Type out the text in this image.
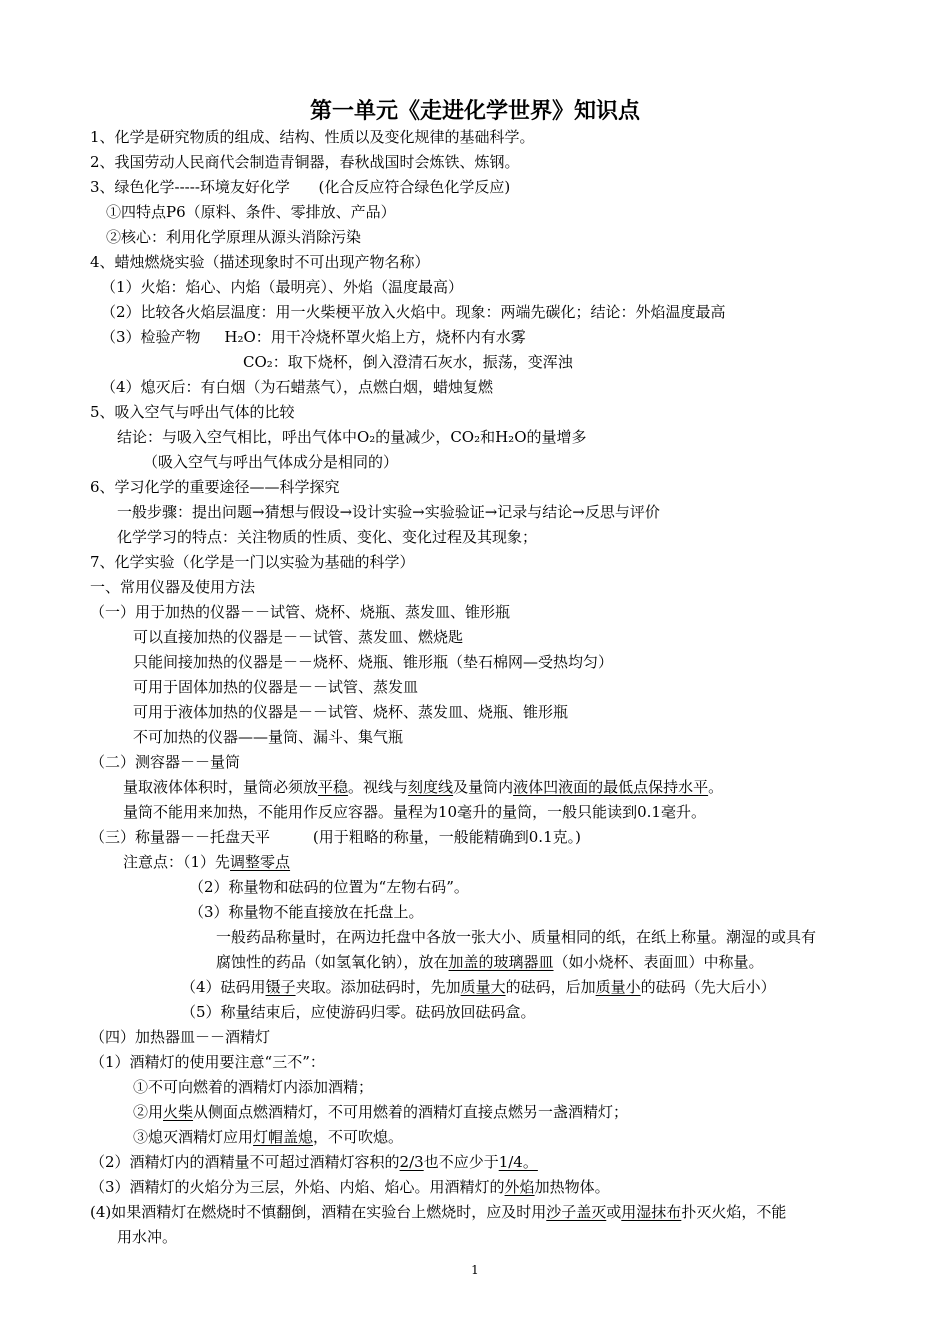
第一单元《走进化学世界》知识点
1、化学是研究物质的组成、结构、性质以及变化规律的基础科学。
2、我国劳动人民商代会制造青铜器，春秋战国时会炼铁、炼钢。
3、绿色化学-----环境友好化学      (化合反应符合绿色化学反应)
①四特点P6（原料、条件、零排放、产品）
②核心：利用化学原理从源头消除污染
4、蜡烛燃烧实验（描述现象时不可出现产物名称）
（1）火焰：焰心、内焰（最明亮）、外焰（温度最高）
（2）比较各火焰层温度：用一火柴梗平放入火焰中。现象：两端先碳化；结论：外焰温度最高
（3）检验产物     H₂O：用干冷烧杯罩火焰上方，烧杯内有水雾
CO₂：取下烧杯，倒入澄清石灰水，振荡，变浑浊
（4）熄灭后：有白烟（为石蜡蒸气），点燃白烟，蜡烛复燃
5、吸入空气与呼出气体的比较
结论：与吸入空气相比，呼出气体中O₂的量减少，CO₂和H₂O的量增多
（吸入空气与呼出气体成分是相同的）
6、学习化学的重要途径——科学探究
一般步骤：提出问题→猜想与假设→设计实验→实验验证→记录与结论→反思与评价
化学学习的特点：关注物质的性质、变化、变化过程及其现象；
7、化学实验（化学是一门以实验为基础的科学）
一、常用仪器及使用方法
（一）用于加热的仪器－－试管、烧杯、烧瓶、蒸发皿、锥形瓶
可以直接加热的仪器是－－试管、蒸发皿、燃烧匙
只能间接加热的仪器是－－烧杯、烧瓶、锥形瓶（垫石棉网—受热均匀）
可用于固体加热的仪器是－－试管、蒸发皿
可用于液体加热的仪器是－－试管、烧杯、蒸发皿、烧瓶、锥形瓶
不可加热的仪器——量筒、漏斗、集气瓶
（二）测容器－－量筒
量取液体体积时，量筒必须放平稳。视线与刻度线及量筒内液体凹液面的最低点保持水平。
量筒不能用来加热，不能用作反应容器。量程为10毫升的量筒，一般只能读到0.1毫升。
（三）称量器－－托盘天平         (用于粗略的称量，一般能精确到0.1克。)
注意点：（1）先调整零点
（2）称量物和砝码的位置为“左物右码”。
（3）称量物不能直接放在托盘上。
一般药品称量时，在两边托盘中各放一张大小、质量相同的纸，在纸上称量。潮湿的或具有
腐蚀性的药品（如氢氧化钠），放在加盖的玻璃器皿（如小烧杯、表面皿）中称量。
（4）砝码用镊子夹取。添加砝码时，先加质量大的砝码，后加质量小的砝码（先大后小）
（5）称量结束后，应使游码归零。砝码放回砝码盒。
（四）加热器皿－－酒精灯
（1）酒精灯的使用要注意“三不”：
①不可向燃着的酒精灯内添加酒精；
②用火柴从侧面点燃酒精灯，不可用燃着的酒精灯直接点燃另一盏酒精灯；
③熄灭酒精灯应用灯帽盖熄，不可吹熄。
（2）酒精灯内的酒精量不可超过酒精灯容积的2/3也不应少于1/4。
（3）酒精灯的火焰分为三层，外焰、内焰、焰心。用酒精灯的外焰加热物体。
(4)如果酒精灯在燃烧时不慎翻倒，酒精在实验台上燃烧时，应及时用沙子盖灭或用湿抹布扑灭火焰，不能
用水冲。
1
